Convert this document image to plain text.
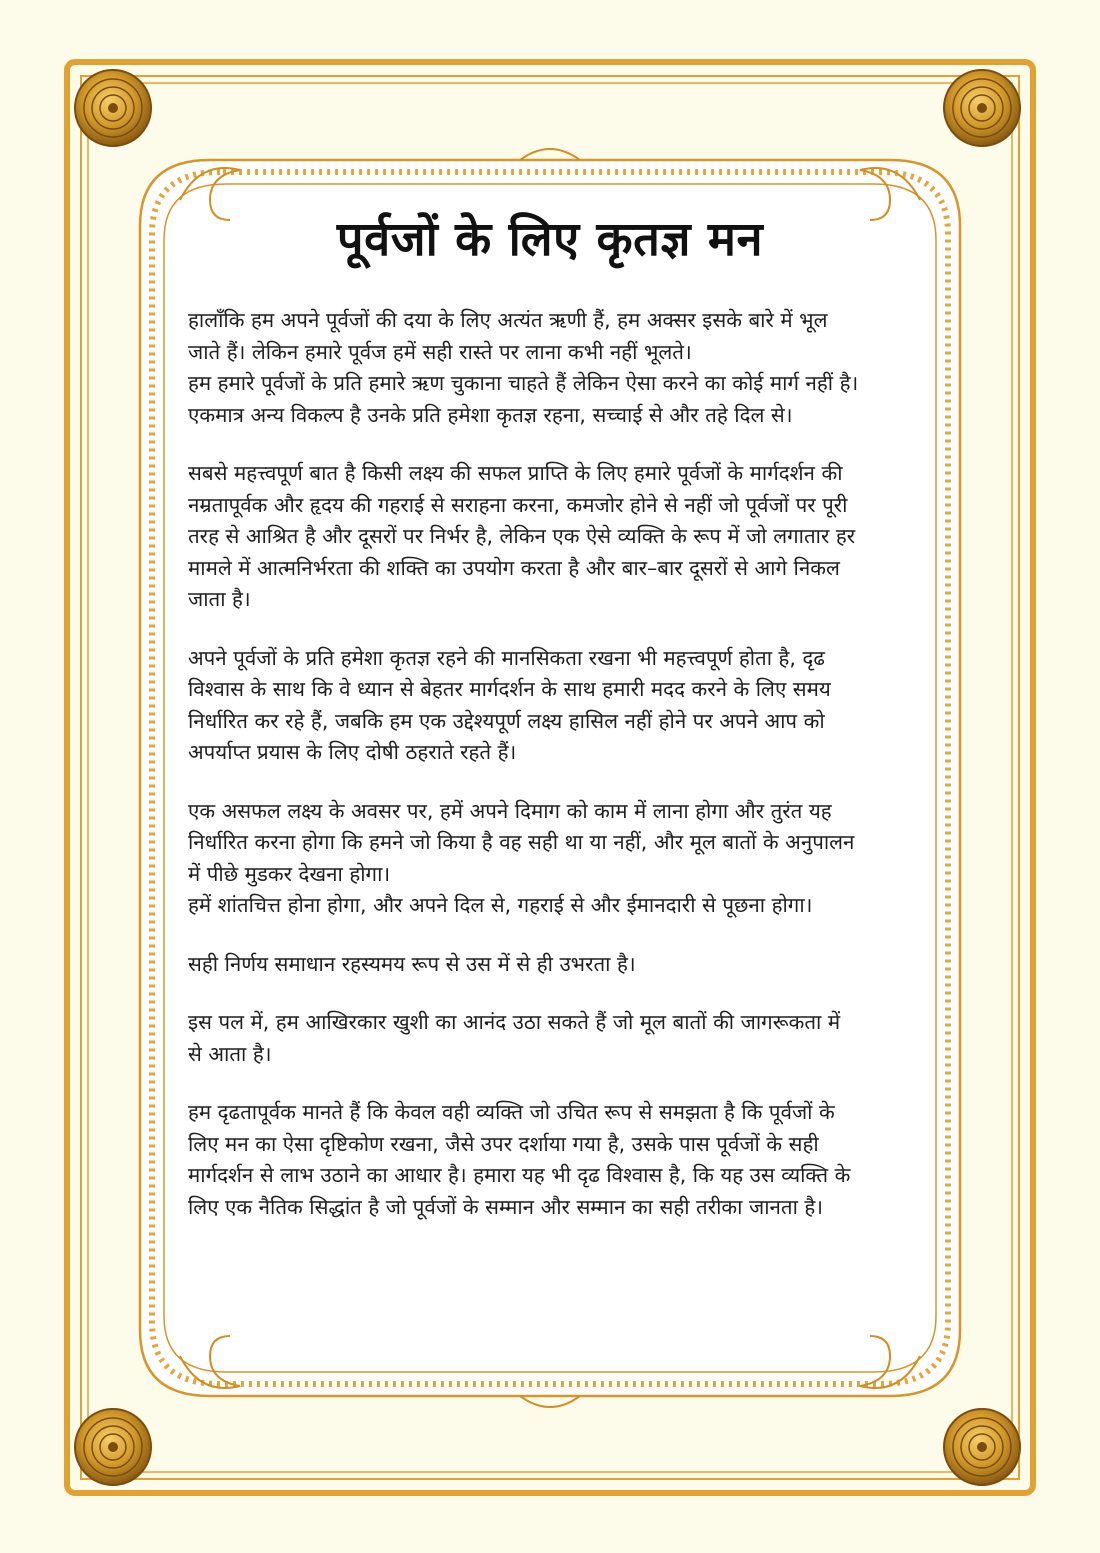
पूर्वजों के लिए कृतज्ञ मन
हालाँकि हम अपने पूर्वजों की दया के लिए अत्यंत ऋणी हैं, हम अक्सर इसके बारे में भूल
जाते हैं। लेकिन हमारे पूर्वज हमें सही रास्ते पर लाना कभी नहीं भूलते।
हम हमारे पूर्वजों के प्रति हमारे ऋण चुकाना चाहते हैं लेकिन ऐसा करने का कोई मार्ग नहीं है।
एकमात्र अन्य विकल्प है उनके प्रति हमेशा कृतज्ञ रहना, सच्चाई से और तहे दिल से।
सबसे महत्त्वपूर्ण बात है किसी लक्ष्य की सफल प्राप्ति के लिए हमारे पूर्वजों के मार्गदर्शन की
नम्रतापूर्वक और हृदय की गहराई से सराहना करना, कमजोर होने से नहीं जो पूर्वजों पर पूरी
तरह से आश्रित है और दूसरों पर निर्भर है, लेकिन एक ऐसे व्यक्ति के रूप में जो लगातार हर
मामले में आत्मनिर्भरता की शक्ति का उपयोग करता है और बार–बार दूसरों से आगे निकल
जाता है।
अपने पूर्वजों के प्रति हमेशा कृतज्ञ रहने की मानसिकता रखना भी महत्त्वपूर्ण होता है, दृढ
विश्वास के साथ कि वे ध्यान से बेहतर मार्गदर्शन के साथ हमारी मदद करने के लिए समय
निर्धारित कर रहे हैं, जबकि हम एक उद्देश्यपूर्ण लक्ष्य हासिल नहीं होने पर अपने आप को
अपर्याप्त प्रयास के लिए दोषी ठहराते रहते हैं।
एक असफल लक्ष्य के अवसर पर, हमें अपने दिमाग को काम में लाना होगा और तुरंत यह
निर्धारित करना होगा कि हमने जो किया है वह सही था या नहीं, और मूल बातों के अनुपालन
में पीछे मुडकर देखना होगा।
हमें शांतचित्त होना होगा, और अपने दिल से, गहराई से और ईमानदारी से पूछना होगा।
सही निर्णय समाधान रहस्यमय रूप से उस में से ही उभरता है।
इस पल में, हम आखिरकार खुशी का आनंद उठा सकते हैं जो मूल बातों की जागरूकता में
से आता है।
हम दृढतापूर्वक मानते हैं कि केवल वही व्यक्ति जो उचित रूप से समझता है कि पूर्वजों के
लिए मन का ऐसा दृष्टिकोण रखना, जैसे उपर दर्शाया गया है, उसके पास पूर्वजों के सही
मार्गदर्शन से लाभ उठाने का आधार है। हमारा यह भी दृढ विश्वास है, कि यह उस व्यक्ति के
लिए एक नैतिक सिद्धांत है जो पूर्वजों के सम्मान और सम्मान का सही तरीका जानता है।
